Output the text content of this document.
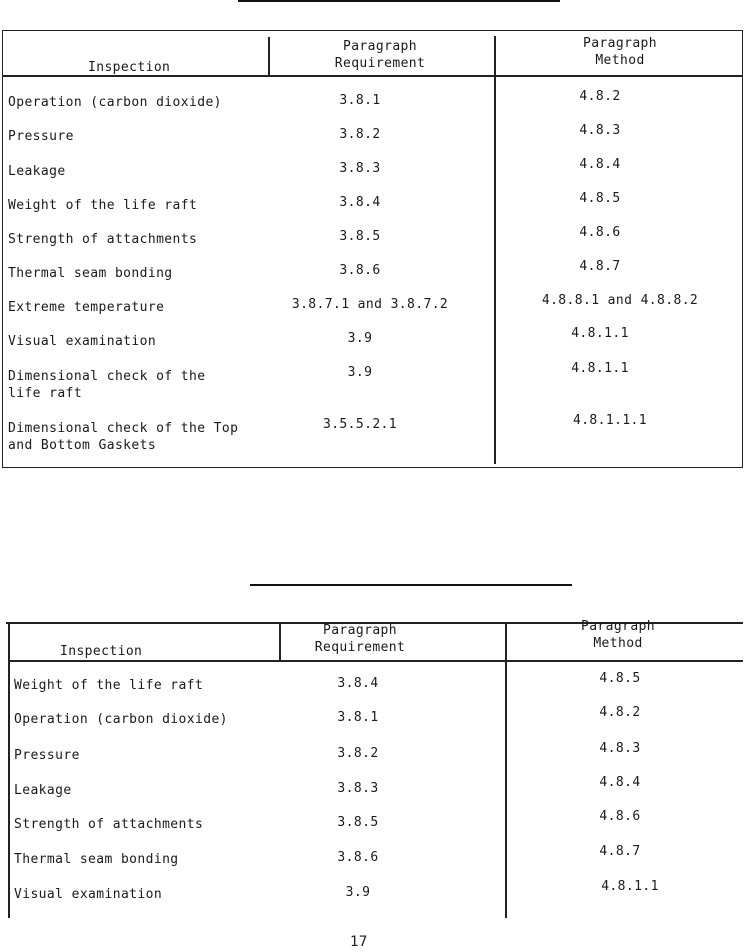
Inspection
Paragraph
Requirement
Paragraph
Method
Operation (carbon dioxide)	3.8.1	4.8.2
Pressure	3.8.2	4.8.3
Leakage	3.8.3	4.8.4
Weight of the life raft	3.8.4	4.8.5
Strength of attachments	3.8.5	4.8.6
Thermal seam bonding	3.8.6	4.8.7
Extreme temperature	3.8.7.1 and 3.8.7.2	4.8.8.1 and 4.8.8.2
Visual examination	3.9	4.8.1.1
Dimensional check of the
life raft
3.9	4.8.1.1
Dimensional check of the Top
and Bottom Gaskets
3.5.5.2.1	4.8.1.1.1
Inspection
Paragraph
Requirement
Paragraph
Method
Weight of the life raft	3.8.4	4.8.5
Operation (carbon dioxide)	3.8.1	4.8.2
Pressure	3.8.2	4.8.3
Leakage	3.8.3	4.8.4
Strength of attachments	3.8.5	4.8.6
Thermal seam bonding	3.8.6	4.8.7
Visual examination	3.9	4.8.1.1
17
